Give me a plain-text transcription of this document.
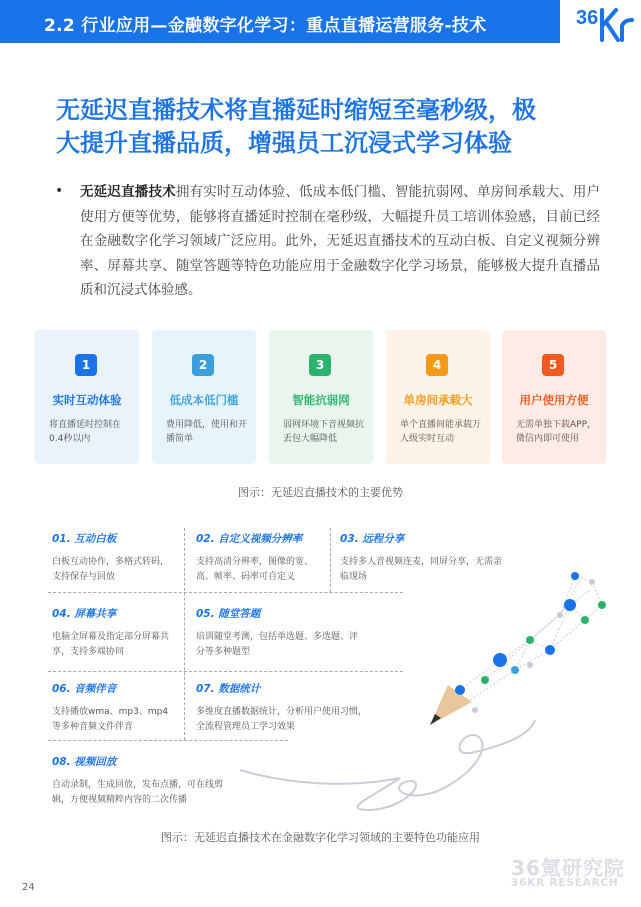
2.2 行业应用—金融数字化学习：重点直播运营服务-技术	36
无延迟直播技术将直播延时缩短至毫秒级，极
大提升直播品质，增强员工沉浸式学习体验
• 无延迟直播技术拥有实时互动体验、低成本低门槛、智能抗弱网、单房间承载大、用户使用方便等优势，能够将直播延时控制在毫秒级，大幅提升员工培训体验感，目前已经在金融数字化学习领域广泛应用。此外，无延迟直播技术的互动白板、自定义视频分辨率、屏幕共享、随堂答题等特色功能应用于金融数字化学习场景，能够极大提升直播品质和沉浸式体验感。

1
实时互动体验
将直播延时控制在0.4秒以内
2
低成本低门槛
费用降低，使用和开播简单
3
智能抗弱网
弱网环境下音视频抗丢包大幅降低
4
单房间承载大
单个直播间能承载万人级实时互动
5
用户使用方便
无需单独下载APP，微信内即可使用
图示：无延迟直播技术的主要优势
01. 互动白板
白板互动协作，多格式转码，支持保存与回放
02. 自定义视频分辨率
支持高清分辨率，图像的宽、高、帧率、码率可自定义
03. 远程分享
支持多人音视频连麦，同屏分享，无需亲临现场
04. 屏幕共享
电脑全屏幕及指定部分屏幕共享，支持多端协同
05. 随堂答题
培训随堂考测，包括单选题、多选题、评分等多种题型
06. 音频伴音
支持播放wma、mp3、mp4等多种音频文件伴音
07. 数据统计
多维度直播数据统计，分析用户使用习惯，全流程管理员工学习效果
08. 视频回放
自动录制，生成回放，发布点播，可在线剪辑，方便视频精粹内容的二次传播
图示：无延迟直播技术在金融数字化学习领域的主要特色功能应用
24
36氪研究院
36KR RESEARCH
